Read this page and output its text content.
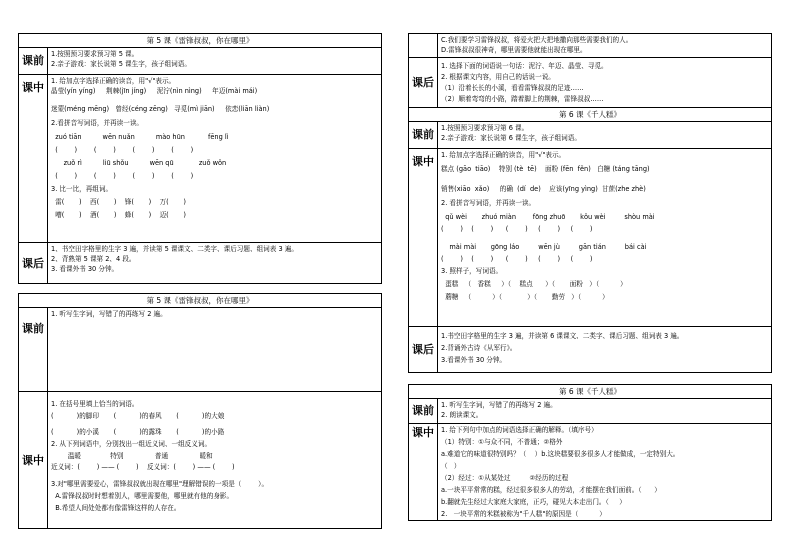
第 5 课《雷锋叔叔，你在哪里》
课前
1.按照预习要求预习第 5 课。
2.亲子游戏：家长说第 5 课生字，孩子组词语。
课中	1. 给加点字选择正确的读音，用"√"表示。
晶莹(yín yíng)     荆棘(jīn jíng)     泥泞(nìn nìng)     年迈(mài mái)
迷蒙(méng mēng)   曾经(céng zēng)   寻觅(mì jiān)     依恋(liān liàn)
2.看拼音写词语，并再读一读。
zuó tiān          wēn nuǎn          mào hūn           fēng lì
(        )        (        )        (        )        (        )
zuǒ rì          liū shǒu          wēn qū            zuǒ wǒn
(        )        (        )        (        )        (        )
3. 比一比，再组词。
雷(       )    西(       )    锋(       )    万(       )
嘈(       )    酒(       )    蜂(       )    迈(       )
课后
1、书空田字格里的生字 3 遍，并读第 5 课课文、二类字、课后习题、组词表 3 遍。
2、背熟第 5 课第 2、4 段。
3. 看课外书 30 分钟。
第 5 课《雷锋叔叔，你在哪里》
课前
1. 听写生字词，写错了的再练写 2 遍。
课中
1. 在括号里填上恰当的词语。
(           )的脚印       (           )的春风       (           )的大娘
(           )的小溪       (           )的露珠       (           )的小路
2. 从下列词语中，分别找出一组近义词、一组反义词。
温暖              特别               普通               暖和
近义词：(        ) —— (        )    反义词：(        ) —— (        )
3.对"哪里需要爱心，雷锋叔叔就出现在哪里"理解错误的一项是（        ）。
A.雷锋叔叔时时想着别人，哪里需要他，哪里就有他的身影。
B.希望人间处处都有像雷锋这样的人存在。
C.我们要学习雷锋叔叔，将爱火把大把地撒向那些需要我们的人。
D.雷锋叔叔很神奇，哪里需要他就能出现在哪里。
课后
1. 选择下面的词语说一句话：泥泞、年迈、晶莹、寻觅。
2. 根据课文内容，用自己的话说一说。
（1）沿着长长的小溪，看看雷锋叔叔的足迹……
（2）顺着弯弯的小路，踏着脚上的荆棘，雷锋叔叔……
第 6 课《千人糕》
课前
1.按照预习要求预习第 6 课。
2.亲子游戏：家长说第 6 课生字，孩子组词语。
课中	1. 给加点字选择正确的读音，用"√"表示。
糕点 (gāo  tiāo)    特别 (tè  tē)    面粉 (fēn  fěn)   白糖 (táng tāng)
销售(xiāo  xǎo)     的确  (dí  de)    应该(yīng yìng)  甘蔗(zhe zhè)
2. 看拼音写词语，并再读一读。
qǔ wèi       zhuó miàn        fōng zhuō       kǒu wèi         shòu mài
(        )    (        )      (        )     (        )     (        )
mài mài       gōng láo         wēn jù         gān tián         bái cài
(        )    (        )      (        )     (        )     (        )
3. 照样子，写词语。
蛋糕   （   香糕     ）（    糕点      ）（       面粉   ）（          ）
蘑糖   （          ）（            ）（       勤劳   ）（          ）
课后
1.书空田字格里的生字 3 遍，并读第 6 课课文、二类字、课后习题、组词表 3 遍。
2.背诵外古诗《从军行》。
3.看课外书 30 分钟。
第 6 课《千人糕》
课前	1. 听写生字词，写错了的再练写 2 遍。
2. 朗读课文。
课中	1. 给下列句中加点的词语选择正确的解释。（填序号）
（1）特别：①与众不同，不普通；②格外
a.难道它的味道很特别吗？（    ）b.这块糕要很多很多人才能做成，一定特别大。
（   ）
（2）经过：①从某处过         ②经历的过程
a.一块平平常常的糕，经过很多很多人的劳动，才能摆在我们面前。（      ）
b.翻就先生经过大家庭大家庭，正巧，碰见大本走出门。（     ）
2.   一块平常的米糕被称为"千人糕"的原因是（          ）
